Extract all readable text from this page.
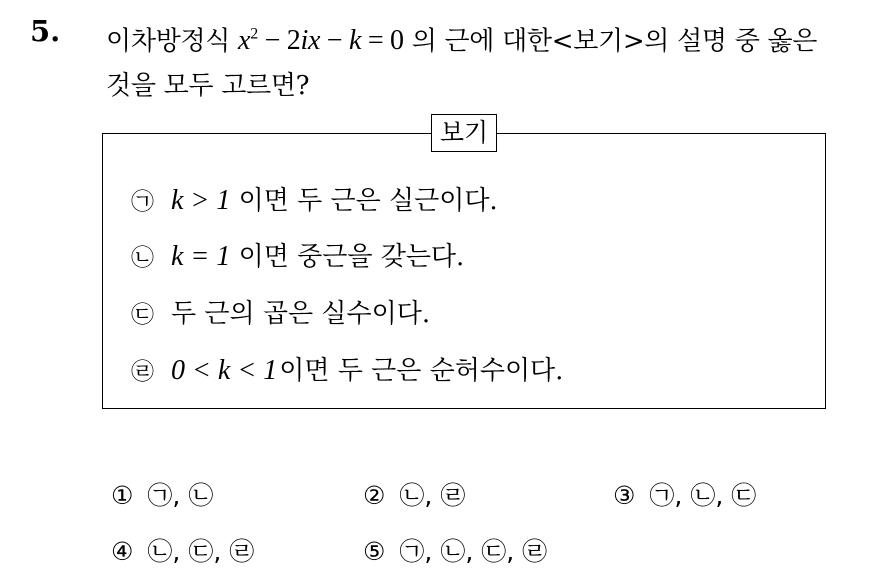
5. 이차방정식 $x^2 - 2ix - k = 0$ 의 근에 대한<보기>의 설명 중 옳은
것을 모두 고르면?
보기
㉠ k > 1 이면 두 근은 실근이다.
㉡ k = 1 이면 중근을 갖는다.
㉢ 두 근의 곱은 실수이다.
㉣ 0 < k < 1이면 두 근은 순허수이다.
① ㉠, ㉡	② ㉡, ㉣	③ ㉠, ㉡, ㉢
④ ㉡, ㉢, ㉣	⑤ ㉠, ㉡, ㉢, ㉣
